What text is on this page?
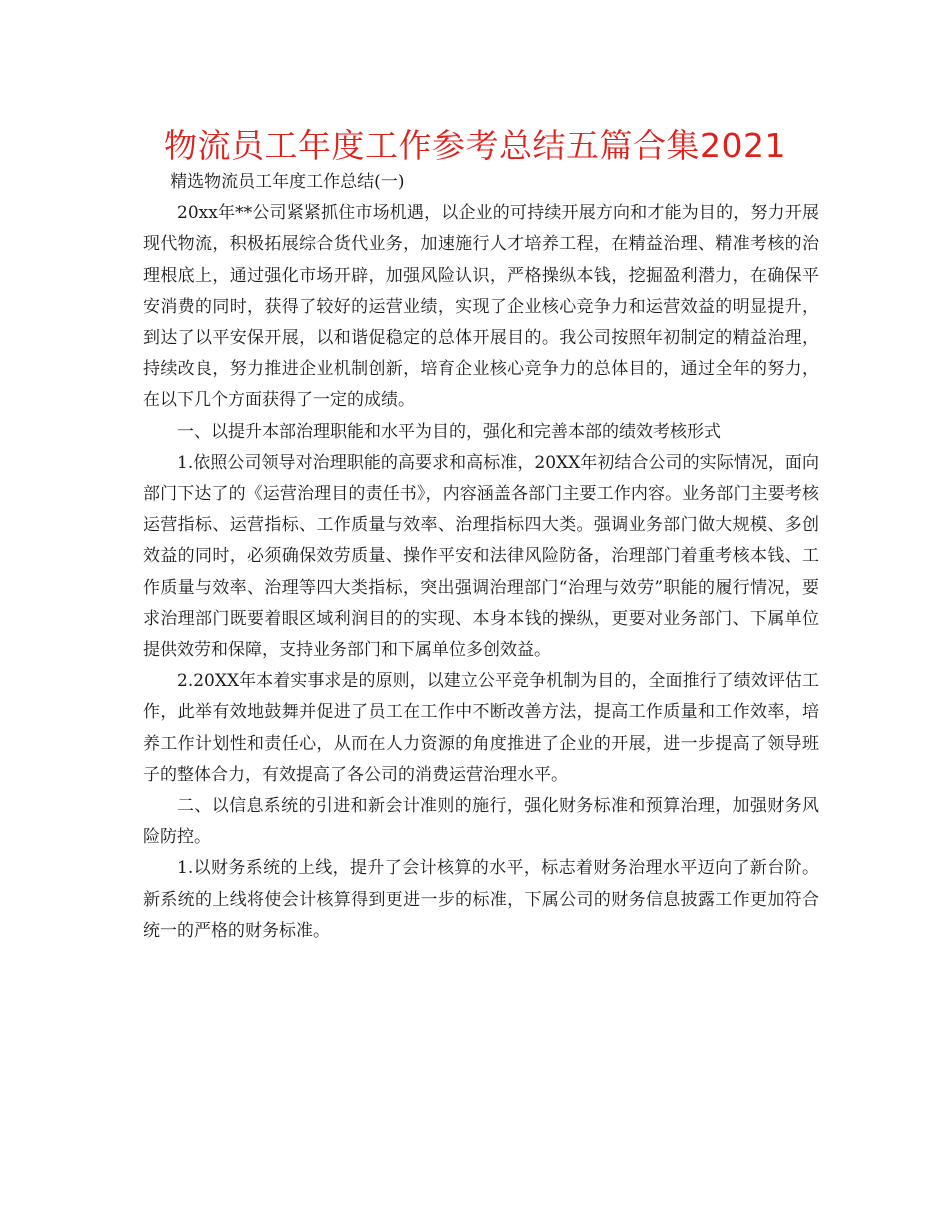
物流员工年度工作参考总结五篇合集2021

精选物流员工年度工作总结(一)

20xx年**公司紧紧抓住市场机遇，以企业的可持续开展方向和才能为目的，努力开展现代物流，积极拓展综合货代业务，加速施行人才培养工程，在精益治理、精准考核的治理根底上，通过强化市场开辟，加强风险认识，严格操纵本钱，挖掘盈利潜力，在确保平安消费的同时，获得了较好的运营业绩，实现了企业核心竞争力和运营效益的明显提升，到达了以平安保开展，以和谐促稳定的总体开展目的。我公司按照年初制定的精益治理，持续改良，努力推进企业机制创新，培育企业核心竞争力的总体目的，通过全年的努力，在以下几个方面获得了一定的成绩。

一、以提升本部治理职能和水平为目的，强化和完善本部的绩效考核形式

1.依照公司领导对治理职能的高要求和高标准，20XX年初结合公司的实际情况，面向部门下达了的《运营治理目的责任书》，内容涵盖各部门主要工作内容。业务部门主要考核运营指标、运营指标、工作质量与效率、治理指标四大类。强调业务部门做大规模、多创效益的同时，必须确保效劳质量、操作平安和法律风险防备，治理部门着重考核本钱、工作质量与效率、治理等四大类指标，突出强调治理部门“治理与效劳”职能的履行情况，要求治理部门既要着眼区域利润目的的实现、本身本钱的操纵，更要对业务部门、下属单位提供效劳和保障，支持业务部门和下属单位多创效益。

2.20XX年本着实事求是的原则，以建立公平竞争机制为目的，全面推行了绩效评估工作，此举有效地鼓舞并促进了员工在工作中不断改善方法，提高工作质量和工作效率，培养工作计划性和责任心，从而在人力资源的角度推进了企业的开展，进一步提高了领导班子的整体合力，有效提高了各公司的消费运营治理水平。

二、以信息系统的引进和新会计准则的施行，强化财务标准和预算治理，加强财务风险防控。

1.以财务系统的上线，提升了会计核算的水平，标志着财务治理水平迈向了新台阶。新系统的上线将使会计核算得到更进一步的标准，下属公司的财务信息披露工作更加符合统一的严格的财务标准。
